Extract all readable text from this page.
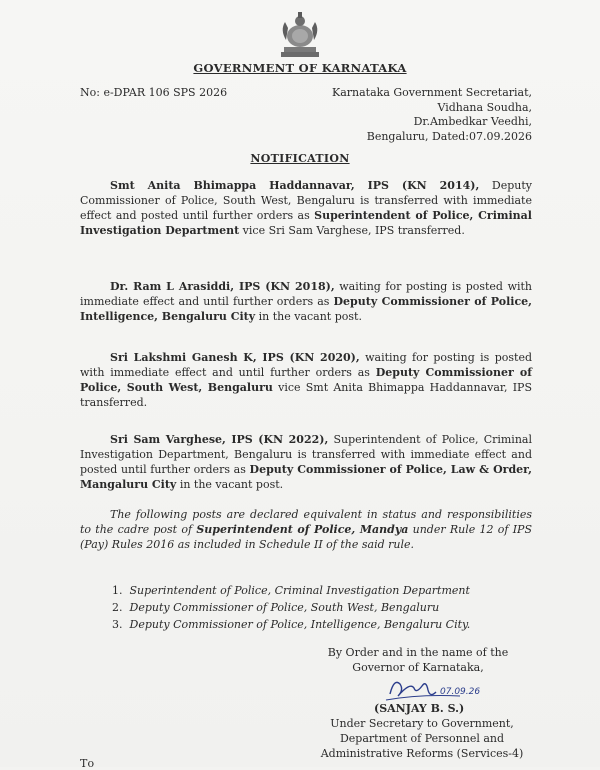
GOVERNMENT OF KARNATAKA
No: e-DPAR 106 SPS 2026	Karnataka Government Secretariat,
Vidhana Soudha,
Dr.Ambedkar Veedhi,
Bengaluru, Dated:07.09.2026
NOTIFICATION
Smt Anita Bhimappa Haddannavar, IPS (KN 2014), Deputy Commissioner of Police, South West, Bengaluru is transferred with immediate effect and posted until further orders as Superintendent of Police, Criminal Investigation Department vice Sri Sam Varghese, IPS transferred.
Dr. Ram L Arasiddi, IPS (KN 2018), waiting for posting is posted with immediate effect and until further orders as Deputy Commissioner of Police, Intelligence, Bengaluru City in the vacant post.
Sri Lakshmi Ganesh K, IPS (KN 2020), waiting for posting is posted with immediate effect and until further orders as Deputy Commissioner of Police, South West, Bengaluru vice Smt Anita Bhimappa Haddannavar, IPS transferred.
Sri Sam Varghese, IPS (KN 2022), Superintendent of Police, Criminal Investigation Department, Bengaluru is transferred with immediate effect and posted until further orders as Deputy Commissioner of Police, Law & Order, Mangaluru City in the vacant post.
The following posts are declared equivalent in status and responsibilities to the cadre post of Superintendent of Police, Mandya under Rule 12 of IPS (Pay) Rules 2016 as included in Schedule II of the said rule.
1. Superintendent of Police, Criminal Investigation Department
2. Deputy Commissioner of Police, South West, Bengaluru
3. Deputy Commissioner of Police, Intelligence, Bengaluru City.
By Order and in the name of the
Governor of Karnataka,
07.09.26
(SANJAY B. S.)
Under Secretary to Government,
Department of Personnel and
Administrative Reforms (Services-4)
To
